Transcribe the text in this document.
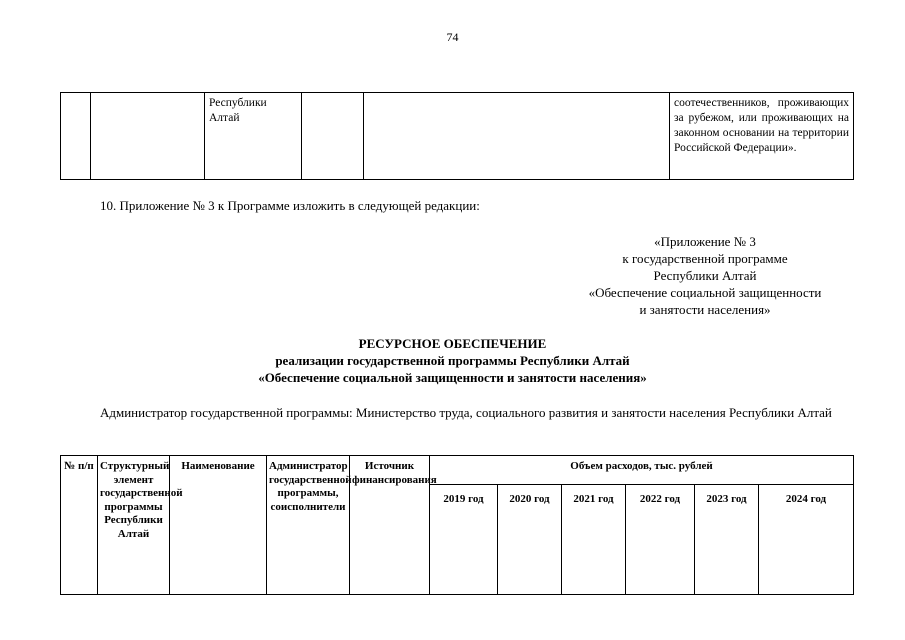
74
		Республики Алтай			соотечественников, проживающих за рубежом, или проживающих на законном основании на территории Российской Федерации».
10. Приложение № 3 к Программе изложить в следующей редакции:
«Приложение № 3
к государственной программе
Республики Алтай
«Обеспечение социальной защищенности
и занятости населения»
РЕСУРСНОЕ ОБЕСПЕЧЕНИЕ
реализации государственной программы Республики Алтай
«Обеспечение социальной защищенности и занятости населения»
Администратор государственной программы: Министерство труда, социального развития и занятости населения Республики Алтай
№ п/п	Структурный элемент государственной программы Республики Алтай	Наименование	Администратор государственной программы, соисполнители	Источник финансирования	Объем расходов, тыс. рублей					
					2019 год	2020 год	2021 год	2022 год	2023 год	2024 год
